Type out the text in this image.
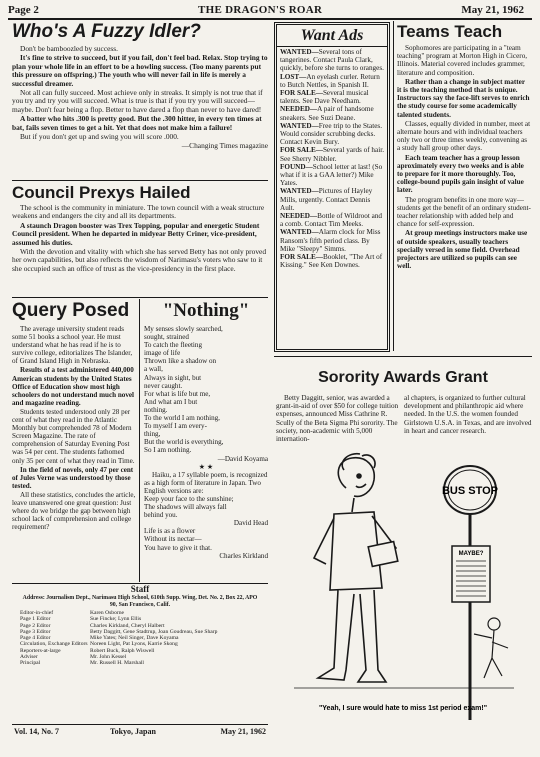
Page 2	THE DRAGON'S ROAR	May 21, 1962
Who's A Fuzzy Idler?

Don't be bamboozled by success.

It's fine to strive to succeed, but if you fail, don't feel bad. Relax. Stop trying to plan your whole life in an effort to be a howling success. (Too many parents put this pressure on offspring.) The youth who will never fail in life is merely a successful dreamer.

Not all can fully succeed. Most achieve only in streaks. It simply is not true that if you try and try you will succeed. What is true is that if you try you will succeed—maybe. Don't fear being a flop. Better to have dared a flop than never to have dared!

A batter who hits .300 is pretty good. But the .300 hitter, in every ten times at bat, fails seven times to get a hit. Yet that does not make him a failure!

But if you don't get up and swing you will score .000.

—Changing Times magazine
Council Prexys Hailed

The school is the community in miniature. The town council with a weak structure weakens and endangers the city and all its departments.

A staunch Dragon booster was Trex Topping, popular and energetic Student Council president. When he departed in midyear Betty Criner, vice-president, assumed his duties.

With the devotion and vitality with which she has served Betty has not only proved her own capabilities, but also reflects the wisdom of Narimasu's voters who saw to it she occupied such an office of trust as the vice-presidency in the first place.

Query Posed

The average university student reads some 51 books a school year. He must understand what he has read if he is to survive college, editorializes The Islander, of Grand Island High in Nebraska.

Results of a test administered 440,000 American students by the United States Office of Education show most high schoolers do not understand much novel and magazine reading.

Students tested understood only 28 per cent of what they read in the Atlantic Monthly but comprehended 78 of Modern Screen Magazine. The rate of comprehension of Saturday Evening Post was 54 per cent. The students fathomed only 35 per cent of what they read in Time.

In the field of novels, only 47 per cent of Jules Verne was understood by those tested.

All these statistics, concludes the article, leave unanswered one great question: Just where do we bridge the gap between high school lack of comprehension and college requirement?

"Nothing"

My senses slowly searched,

sought, strained

To catch the fleeting

image of life

Thrown like a shadow on

a wall,

Always in sight, but

never caught.

For what is life but me,

And what am I but

nothing.

To the world I am nothing,

To myself I am every-

thing,

But the world is everything,

So I am nothing.

—David Koyama

★ ★

Haiku, a 17 syllable poem, is recognized as a high form of literature in Japan. Two English versions are:

Keep your face to the sunshine;

The shadows will always fall

behind you.

David Head

Life is as a flower

Without its nectar—

You have to give it that.

Charles Kirkland

Staff
Address: Journalism Dept., Narimasu High School, 610th Supp. Wing, Det. No. 2, Box 22, APO 90, San Francisco, Calif.
Editor-in-chief	Karen Osborne
Page 1 Editor	Sue Fincke; Lynn Ellis
Page 2 Editor	Charles Kirkland, Cheryl Halbert
Page 3 Editor	Betty Daggitt, Gene Stadtrup, Joan Goudreau, Sue Sharp
Page 4 Editor	Mike Yates; Neil Singer, Dave Koyama
Circulation, Exchange Editors Noreen Light, Pat Lyons, Karrie Skong
Reporters-at-large	Robert Buck, Ralph Wiswell
Adviser	Mr. John Kessel
Principal	Mr. Russell H. Marshall
Vol. 14, No. 7	Tokyo, Japan	May 21, 1962
Want Ads

WANTED—Several tons of tangerines. Contact Paula Clark, quickly, before she turns to oranges.

LOST—An eyelash curler. Return to Butch Nettles, in Spanish II.

FOR SALE—Several musical talents. See Dave Needham.

NEEDED—A pair of handsome sneakers. See Suzi Deane.

WANTED—Free trip to the States. Would consider scrubbing decks. Contact Kevin Bury.

FOR SALE—Several yards of hair. See Sherry Nibbler.

FOUND—School letter at last! (So what if it is a GAA letter?) Mike Yates.

WANTED—Pictures of Hayley Mills, urgently. Contact Dennis Ault.

NEEDED—Bottle of Wildroot and a comb. Contact Tim Meeks.

WANTED—Alarm clock for Miss Ransom's fifth period class. By Mike "Sleepy" Simms.

FOR SALE—Booklet, "The Art of Kissing." See Ken Downes.

Teams Teach

Sophomores are participating in a "team teaching" program at Morton High in Cicero, Illinois. Material covered includes grammer, literature and composition.

Rather than a change in subject matter it is the teaching method that is unique. Instructors say the face-lift serves to enrich the study course for some academically talented students.

Classes, equally divided in number, meet at alternate hours and with individual teachers only two or three times weekly, convening as a study hall group other days.

Each team teacher has a group lesson aproximately every two weeks and is able to prepare for it more thoroughly. Too, college-bound pupils gain insight of value later.

The program benefits in one more way—students get the benefit of an ordinary student-teacher relationship with added help and chance for self-expression.

At group meetings instructors make use of outside speakers, usually teachers specially versed in some field. Overhead projectors are utilized so pupils can see well.

Sorority Awards Grant

Betty Daggitt, senior, was awarded a grant-in-aid of over $50 for college tuition expenses, announced Miss Cathrine R. Scully of the Beta Sigma Phi sorority. The society, non-academic with 5,000 internation-

al chapters, is organized to further cultural development and philanthropic aid where needed. In the U.S. the women founded Girlstown U.S.A. in Texas, and are involved in heart and cancer research.

BUS STOP
MAYBE?
"Yeah, I sure would hate to miss 1st period exam!"
